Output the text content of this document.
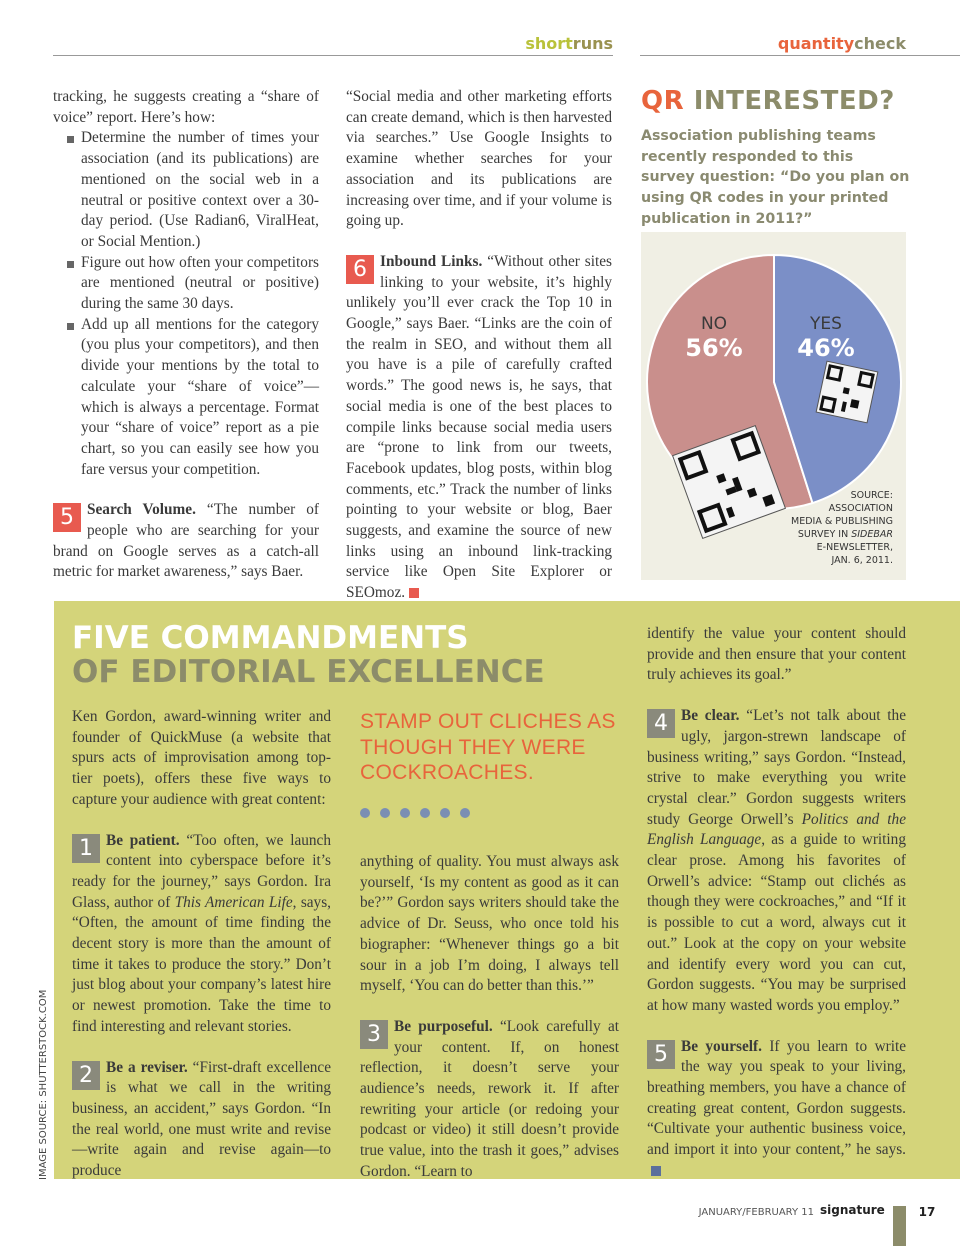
shortruns	quantitycheck

tracking, he suggests creating a “share of voice” report. Here’s how:

Determine the number of times your association (and its publications) are mentioned on the social web in a neutral or positive context over a 30-day period. (Use Radian6, ViralHeat, or Social Mention.)

Figure out how often your competitors are mentioned (neutral or positive) during the same 30 days.

Add up all mentions for the category (you plus your competitors), and then divide your mentions by the total to calculate your “share of voice”— which is always a percentage. Format your “share of voice” report as a pie chart, so you can easily see how you fare versus your competition.

5 Search Volume. “The number of people who are searching for your brand on Google serves as a catch-all metric for market awareness,” says Baer.

“Social media and other marketing efforts can create demand, which is then harvested via searches.” Use Google Insights to examine whether searches for your association and its publications are increasing over time, and if your volume is going up.

6 Inbound Links. “Without other sites linking to your website, it’s highly unlikely you’ll ever crack the Top 10 in Google,” says Baer. “Links are the coin of the realm in SEO, and without them all you have is a pile of carefully crafted words.” The good news is, he says, that social media is one of the best places to compile links because social media users are “prone to link from our tweets, Facebook updates, blog posts, within blog comments, etc.” Track the number of links pointing to your website or blog, Baer suggests, and examine the source of new links using an inbound link-tracking service like Open Site Explorer or SEOmoz.

QR INTERESTED?
Association publishing teams recently responded to this survey question: “Do you plan on using QR codes in your printed publication in 2011?”
NO
56%
YES
46%
SOURCE:
ASSOCIATION
MEDIA & PUBLISHING
SURVEY IN SIDEBAR
E-NEWSLETTER,
JAN. 6, 2011.
FIVE COMMANDMENTS
OF EDITORIAL EXCELLENCE

Ken Gordon, award-winning writer and founder of QuickMuse (a website that spurs acts of improvisation among top-tier poets), offers these five ways to capture your audience with great content:

1 Be patient. “Too often, we launch content into cyberspace before it’s ready for the journey,” says Gordon. Ira Glass, author of This American Life, says, “Often, the amount of time finding the decent story is more than the amount of time it takes to produce the story.” Don’t just blog about your company’s latest hire or newest promotion. Take the time to find interesting and relevant stories.

2 Be a reviser. “First-draft excellence is what we call in the writing business, an accident,” says Gordon. “In the real world, one must write and revise—write again and revise again—to produce

STAMP OUT CLICHES AS THOUGH THEY WERE COCKROACHES.

anything of quality. You must always ask yourself, ‘Is my content as good as it can be?’” Gordon says writers should take the advice of Dr. Seuss, who once told his biographer: “Whenever things go a bit sour in a job I’m doing, I always tell myself, ‘You can do better than this.’”

3 Be purposeful. “Look carefully at your content. If, on honest reflection, it doesn’t serve your audience’s needs, rework it. If after rewriting your article (or redoing your podcast or video) it still doesn’t provide true value, into the trash it goes,” advises Gordon. “Learn to

identify the value your content should provide and then ensure that your content truly achieves its goal.”

4 Be clear. “Let’s not talk about the ugly, jargon-strewn landscape of business writing,” says Gordon. “Instead, strive to make everything you write crystal clear.” Gordon suggests writers study George Orwell’s Politics and the English Language, as a guide to writing clear prose. Among his favorites of Orwell’s advice: “Stamp out clichés as though they were cockroaches,” and “If it is possible to cut a word, always cut it out.” Look at the copy on your website and identify every word you can cut, Gordon suggests. “You may be surprised at how many wasted words you employ.”

5 Be yourself. If you learn to write the way you speak to your living, breathing members, you have a chance of creating great content, Gordon suggests. “Cultivate your authentic business voice, and import it into your content,” he says.

IMAGE SOURCE: SHUTTERSTOCK.COM
JANUARY/FEBRUARY 11 signature	17
